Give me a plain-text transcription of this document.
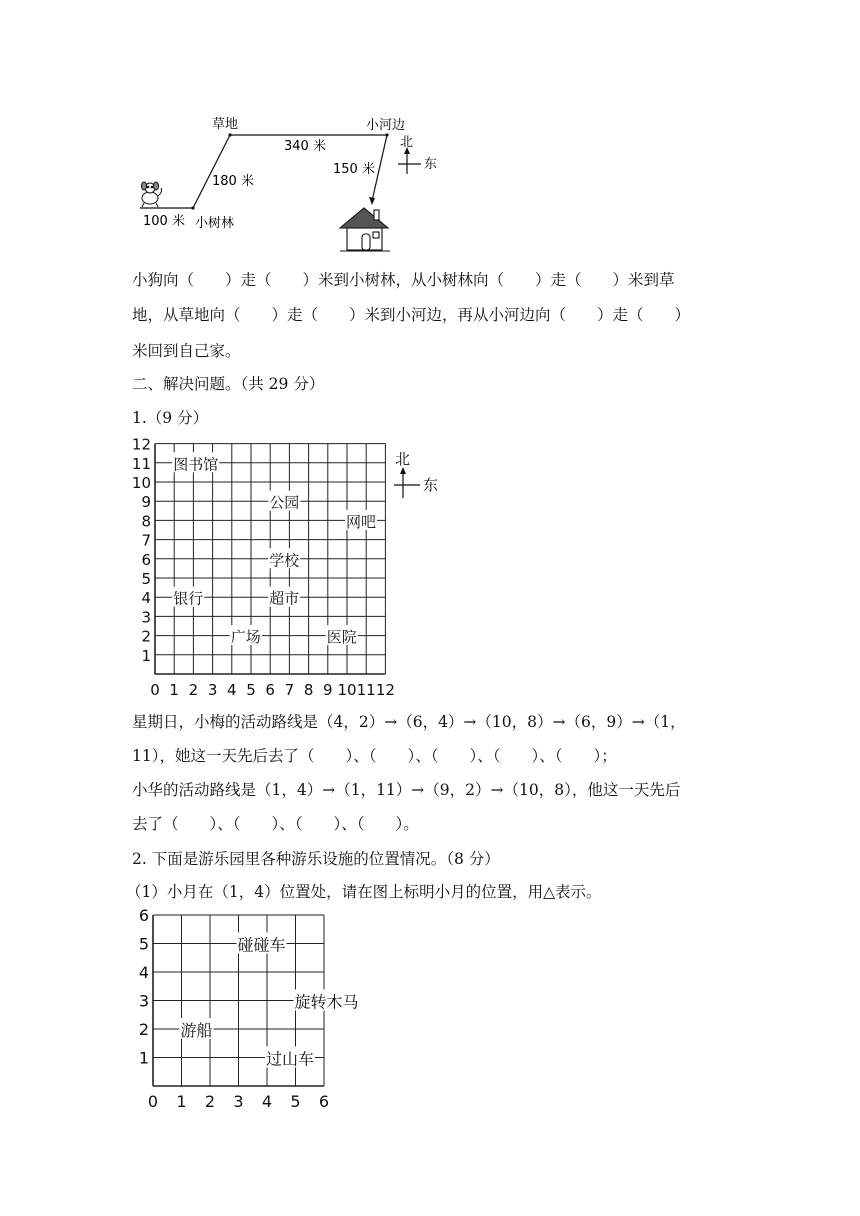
草地	小河边
小树林
180 米
340 米
150 米
100 米
北
东
小狗向（　　）走（　　）米到小树林，从小树林向（　　）走（　　）米到草
地，从草地向（　　）走（　　）米到小河边，再从小河边向（　　）走（　　）
米回到自己家。
二、解决问题。（共 29 分）
1.（9 分）
0 1 2 3 4 5 6 7 8 9 10 11 12
1
2
3
4
5
6
7
8
9
10
11
12
图书馆
公园
网吧
学校
银行	超市
广场	医院
北
东
星期日，小梅的活动路线是（4，2）→（6，4）→（10，8）→（6，9）→（1，
11），她这一天先后去了（　　）、（　　）、（　　）、（　　）、（　　）；
小华的活动路线是（1，4）→（1，11）→（9，2）→（10，8），他这一天先后
去了（　　）、（　　）、（　　）、（　　）。
2. 下面是游乐园里各种游乐设施的位置情况。（8 分）
（1）小月在（1，4）位置处，请在图上标明小月的位置，用△表示。
0 1 2 3 4 5 6
1
2
3
4
5
6
碰碰车
旋转木马
游船
过山车
